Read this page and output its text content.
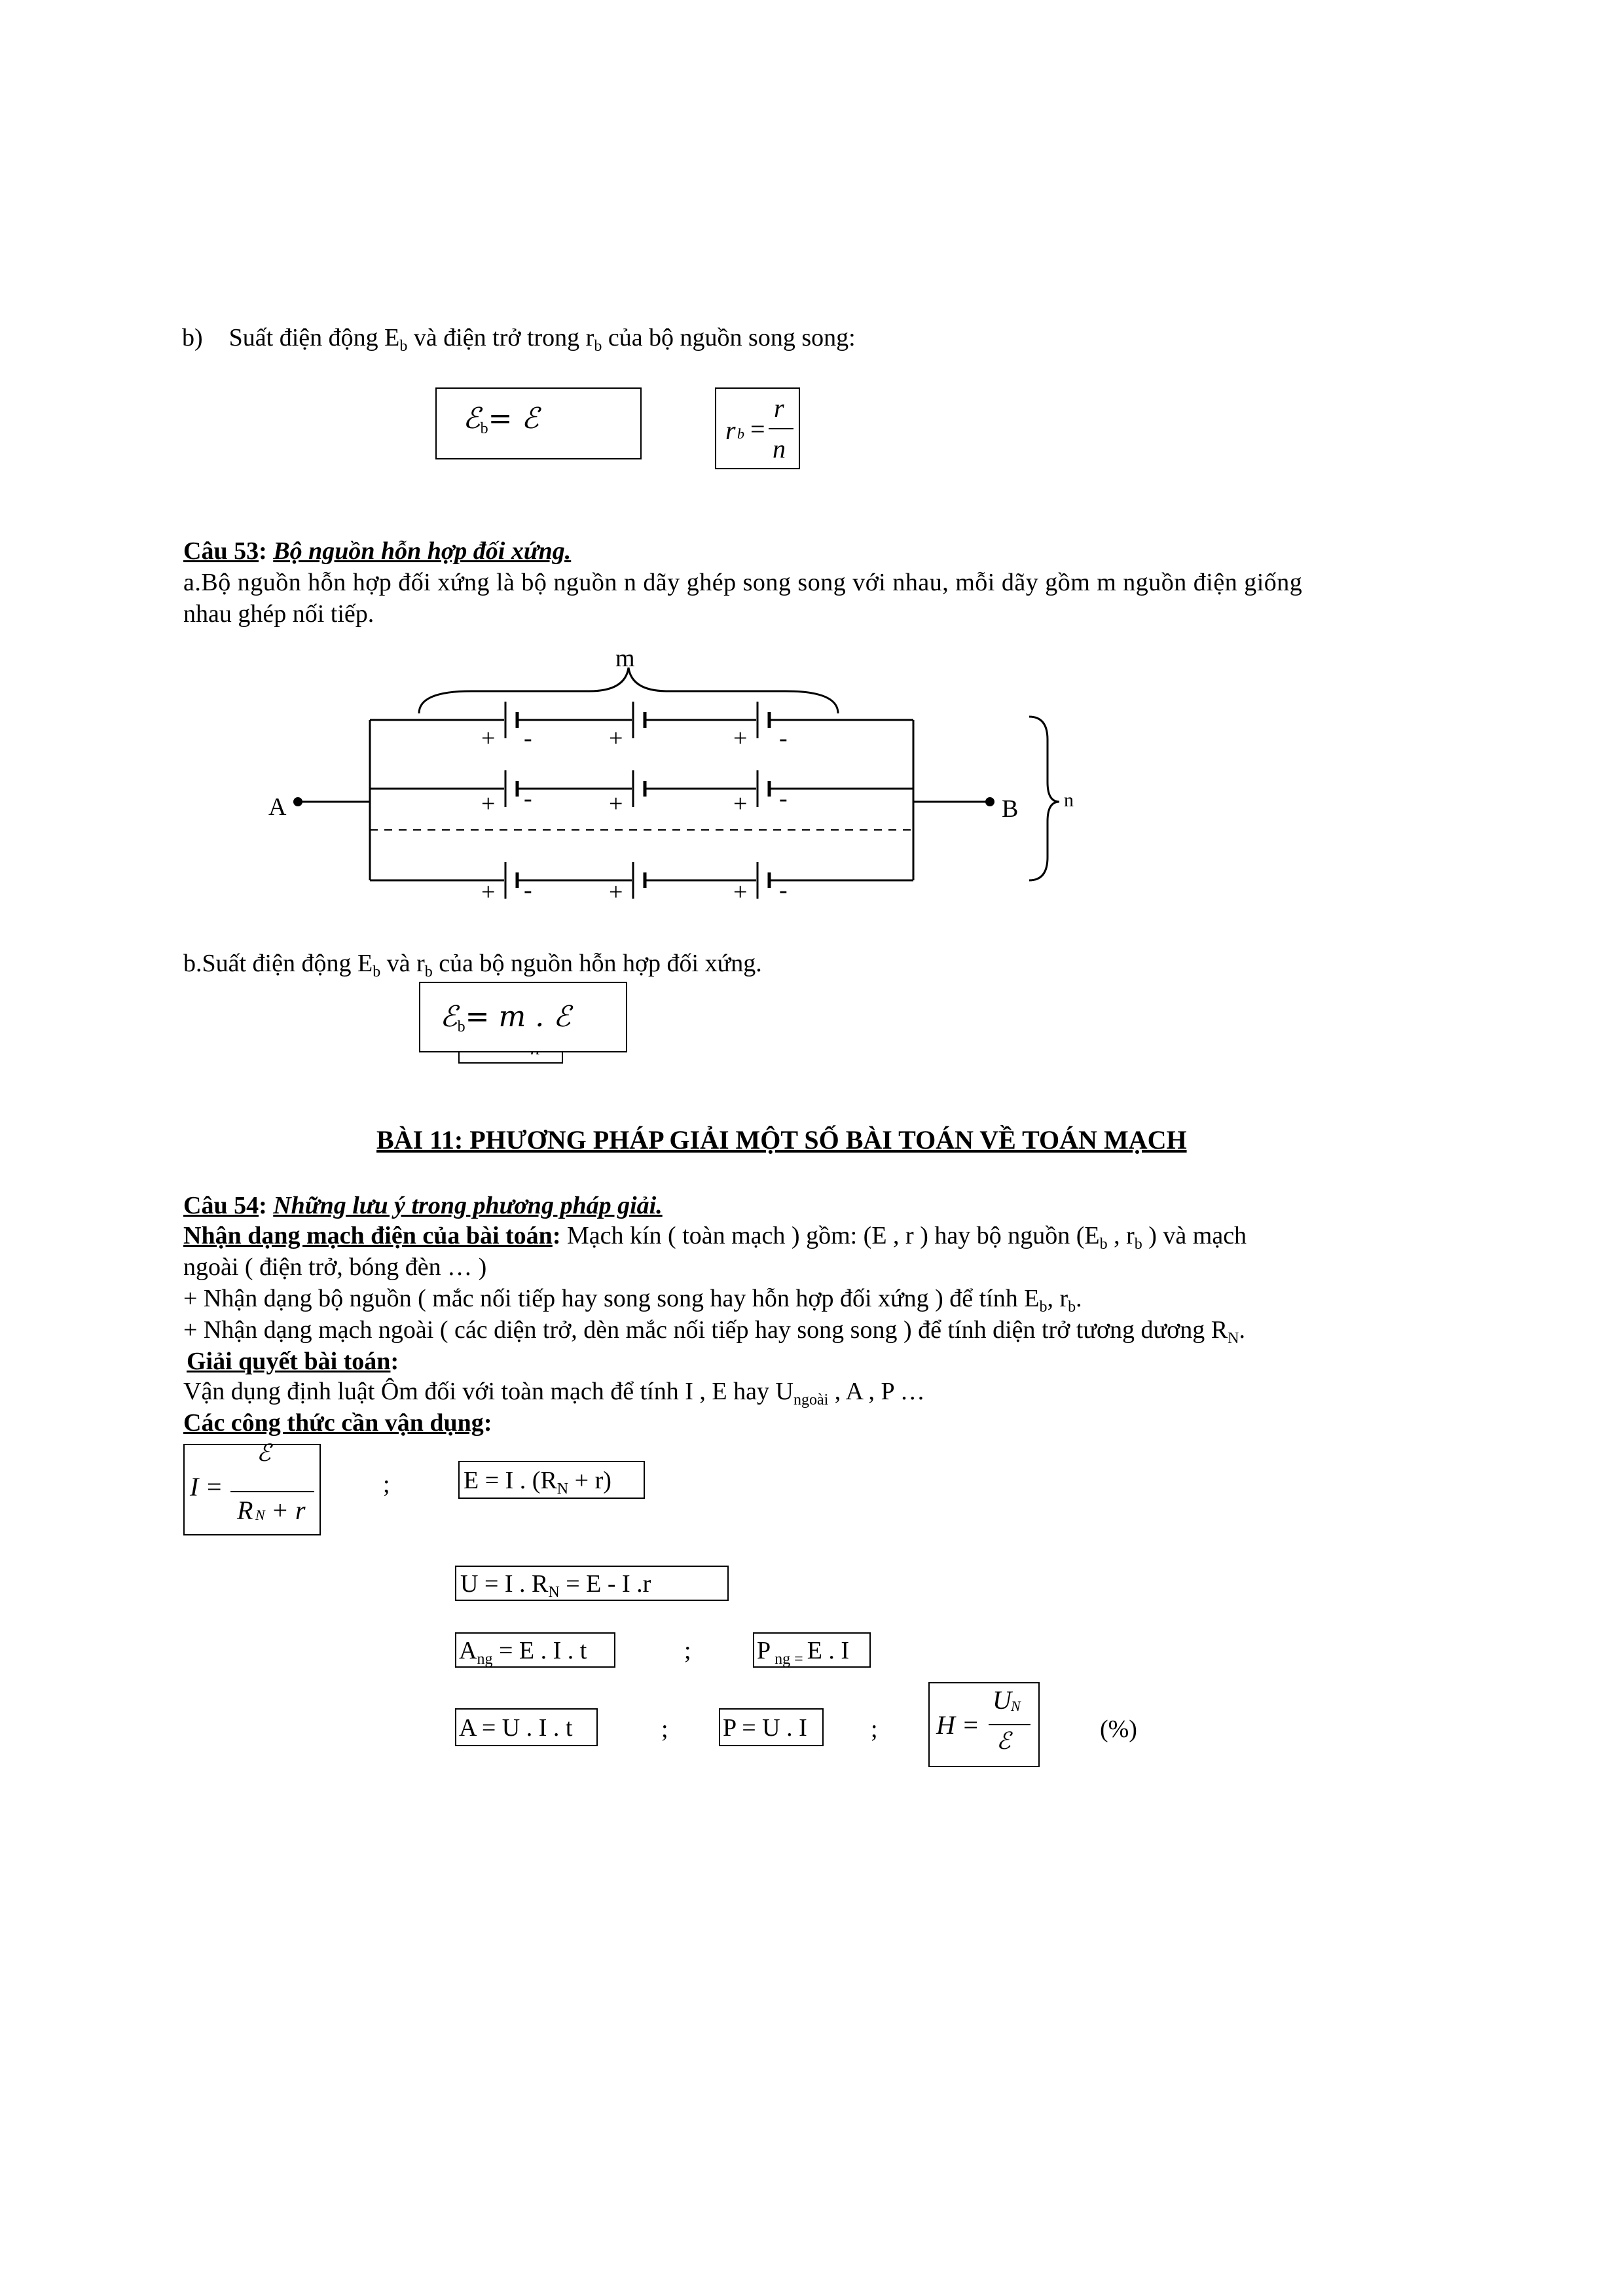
b) Suất điện động $E_b$ và điện trở trong $r_b$ của bộ nguồn song song:
ℰ$_b$= ℰ	r b =
r
n
Câu 53: Bộ nguồn hỗn hợp đối xứng.
a.Bộ nguồn hỗn hợp đối xứng là bộ nguồn n dãy ghép song song với nhau, mỗi dãy gồm m nguồn điện giống
nhau ghép nối tiếp.
m
n
A	B
+ -	+	+ -
+ -	+	+ -
+ -	+	+ -
b.Suất điện động $E_b$ và $r_b$ của bộ nguồn hỗn hợp đối xứng.
ℰ$_b$= m . ℰ
BÀI 11: PHƯƠNG PHÁP GIẢI MỘT SỐ BÀI TOÁN VỀ TOÁN MẠCH
Câu 54: Những lưu ý trong phương pháp giải.
Nhận dạng mạch điện của bài toán: Mạch kín ( toàn mạch ) gồm: (E , r ) hay bộ nguồn ($E_b$ , $r_b$ ) và mạch
ngoài ( điện trở, bóng đèn … )
+ Nhận dạng bộ nguồn ( mắc nối tiếp hay song song hay hỗn hợp đối xứng ) để tính $E_b$, $r_b$.
+ Nhận dạng mạch ngoài ( các diện trở, dèn mắc nối tiếp hay song song ) để tính diện trở tương dương $R_N$.
Giải quyết bài toán:
Vận dụng định luật Ôm đối với toàn mạch để tính I , E hay $U_{ngoài}$ , A , P …
Các công thức cần vận dụng:
I =
ℰ
R N + r
;	E = I . $(R_N + r)$
U = I . $R_N = E - I$ .r
$A_{ng} = E$ . I . t	;	P $_{ng}$ $_=$ E . I
A = U . I . t	; P = U . I	; H =
U N
ℰ	(%)
